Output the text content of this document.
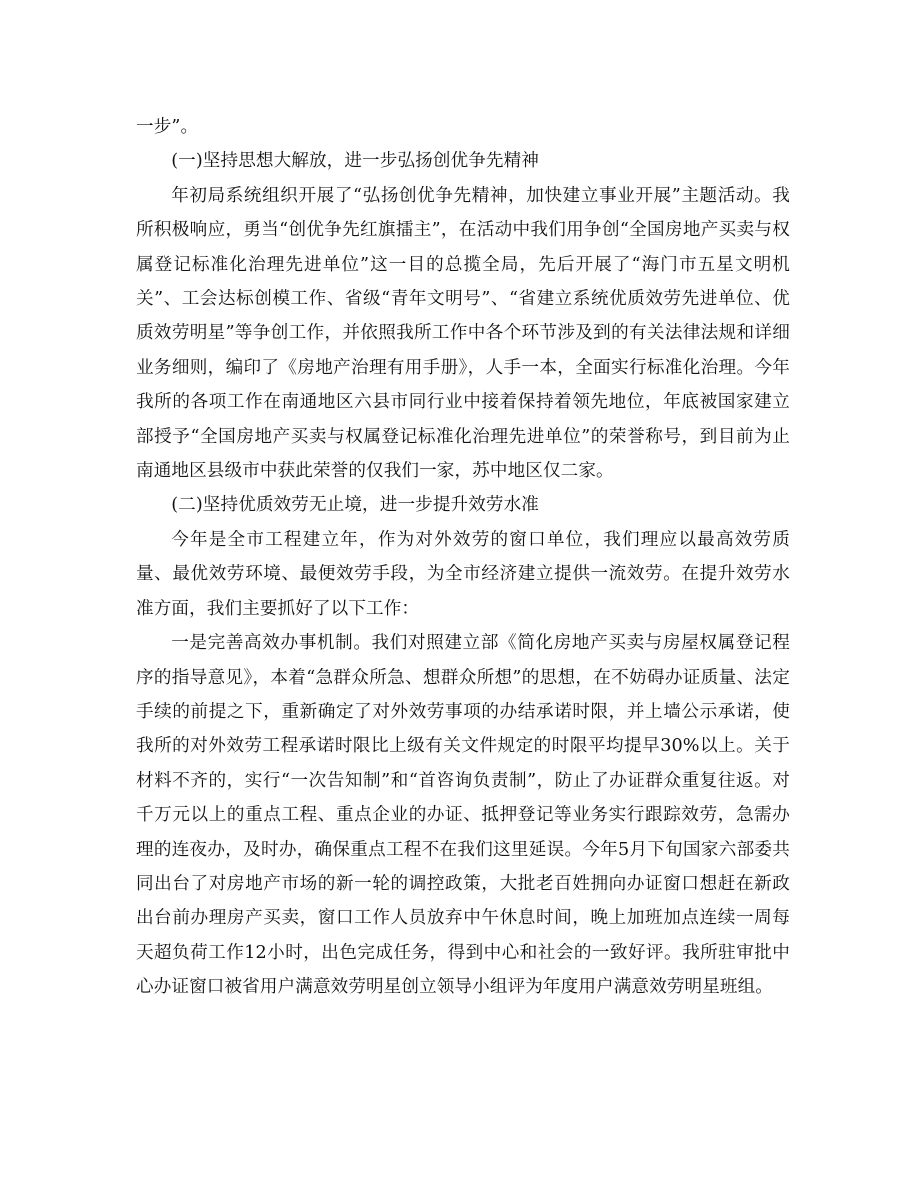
一步”。

(一)坚持思想大解放，进一步弘扬创优争先精神

年初局系统组织开展了“弘扬创优争先精神，加快建立事业开展”主题活动。我所积极响应，勇当“创优争先红旗擂主”，在活动中我们用争创“全国房地产买卖与权属登记标准化治理先进单位”这一目的总揽全局，先后开展了“海门市五星文明机关”、工会达标创模工作、省级“青年文明号”、“省建立系统优质效劳先进单位、优质效劳明星”等争创工作，并依照我所工作中各个环节涉及到的有关法律法规和详细业务细则，编印了《房地产治理有用手册》，人手一本，全面实行标准化治理。今年我所的各项工作在南通地区六县市同行业中接着保持着领先地位，年底被国家建立部授予“全国房地产买卖与权属登记标准化治理先进单位”的荣誉称号，到目前为止南通地区县级市中获此荣誉的仅我们一家，苏中地区仅二家。

(二)坚持优质效劳无止境，进一步提升效劳水准

今年是全市工程建立年，作为对外效劳的窗口单位，我们理应以最高效劳质量、最优效劳环境、最便效劳手段，为全市经济建立提供一流效劳。在提升效劳水准方面，我们主要抓好了以下工作：

一是完善高效办事机制。我们对照建立部《简化房地产买卖与房屋权属登记程序的指导意见》，本着“急群众所急、想群众所想”的思想，在不妨碍办证质量、法定手续的前提之下，重新确定了对外效劳事项的办结承诺时限，并上墙公示承诺，使我所的对外效劳工程承诺时限比上级有关文件规定的时限平均提早30%以上。关于材料不齐的，实行“一次告知制”和“首咨询负责制”，防止了办证群众重复往返。对千万元以上的重点工程、重点企业的办证、抵押登记等业务实行跟踪效劳，急需办理的连夜办，及时办，确保重点工程不在我们这里延误。今年5月下旬国家六部委共同出台了对房地产市场的新一轮的调控政策，大批老百姓拥向办证窗口想赶在新政出台前办理房产买卖，窗口工作人员放弃中午休息时间，晚上加班加点连续一周每天超负荷工作12小时，出色完成任务，得到中心和社会的一致好评。我所驻审批中心办证窗口被省用户满意效劳明星创立领导小组评为年度用户满意效劳明星班组。
